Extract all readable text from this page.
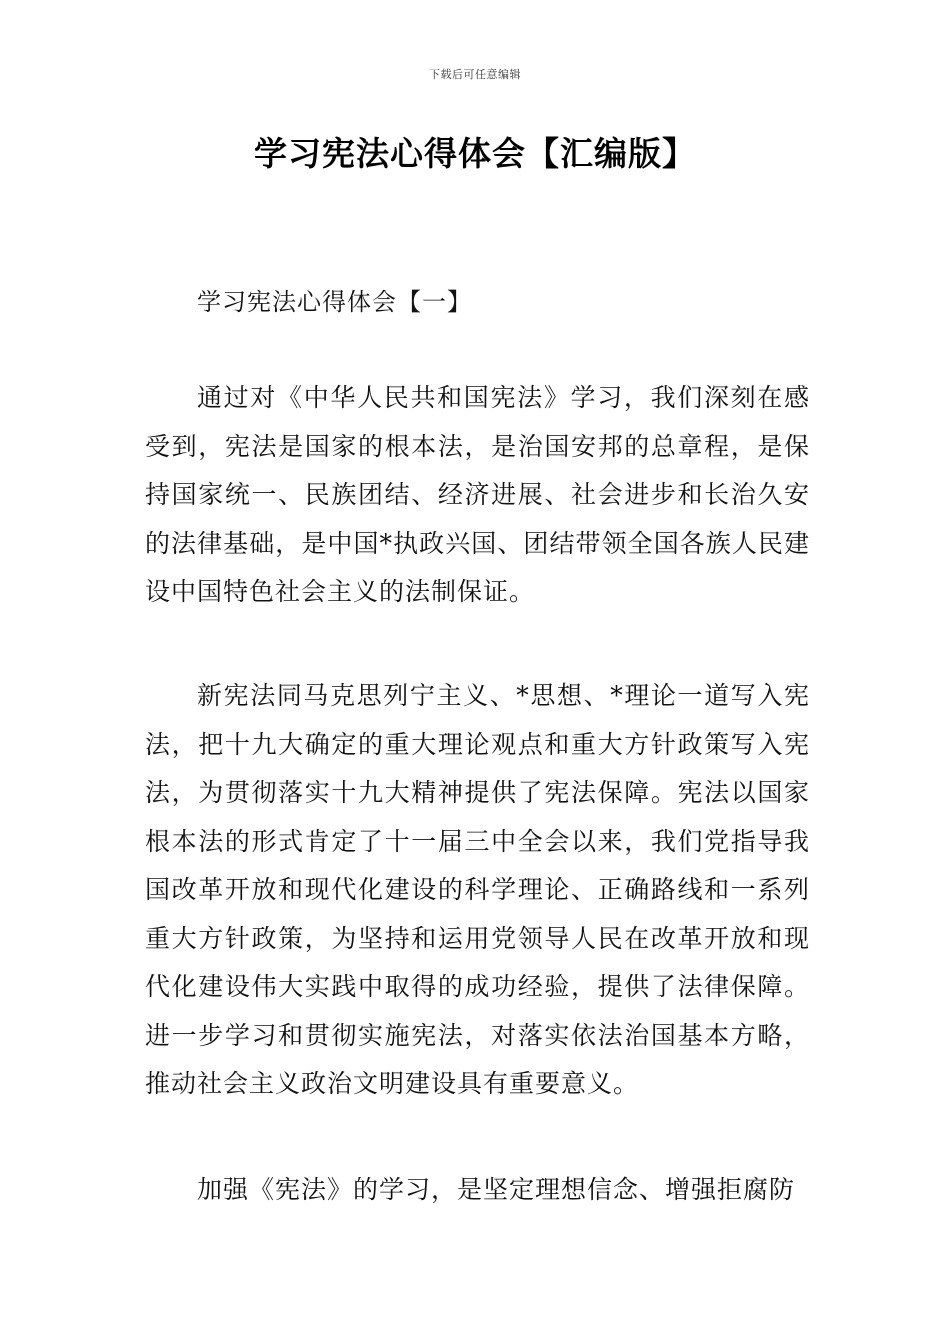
下载后可任意编辑
学习宪法心得体会【汇编版】
学习宪法心得体会【一】

通过对《中华人民共和国宪法》学习，我们深刻在感受到，宪法是国家的根本法，是治国安邦的总章程，是保持国家统一、民族团结、经济进展、社会进步和长治久安的法律基础，是中国*执政兴国、团结带领全国各族人民建设中国特色社会主义的法制保证。

新宪法同马克思列宁主义、*思想、*理论一道写入宪法，把十九大确定的重大理论观点和重大方针政策写入宪法，为贯彻落实十九大精神提供了宪法保障。宪法以国家根本法的形式肯定了十一届三中全会以来，我们党指导我国改革开放和现代化建设的科学理论、正确路线和一系列重大方针政策，为坚持和运用党领导人民在改革开放和现代化建设伟大实践中取得的成功经验，提供了法律保障。进一步学习和贯彻实施宪法，对落实依法治国基本方略，推动社会主义政治文明建设具有重要意义。

加强《宪法》的学习，是坚定理想信念、增强拒腐防
